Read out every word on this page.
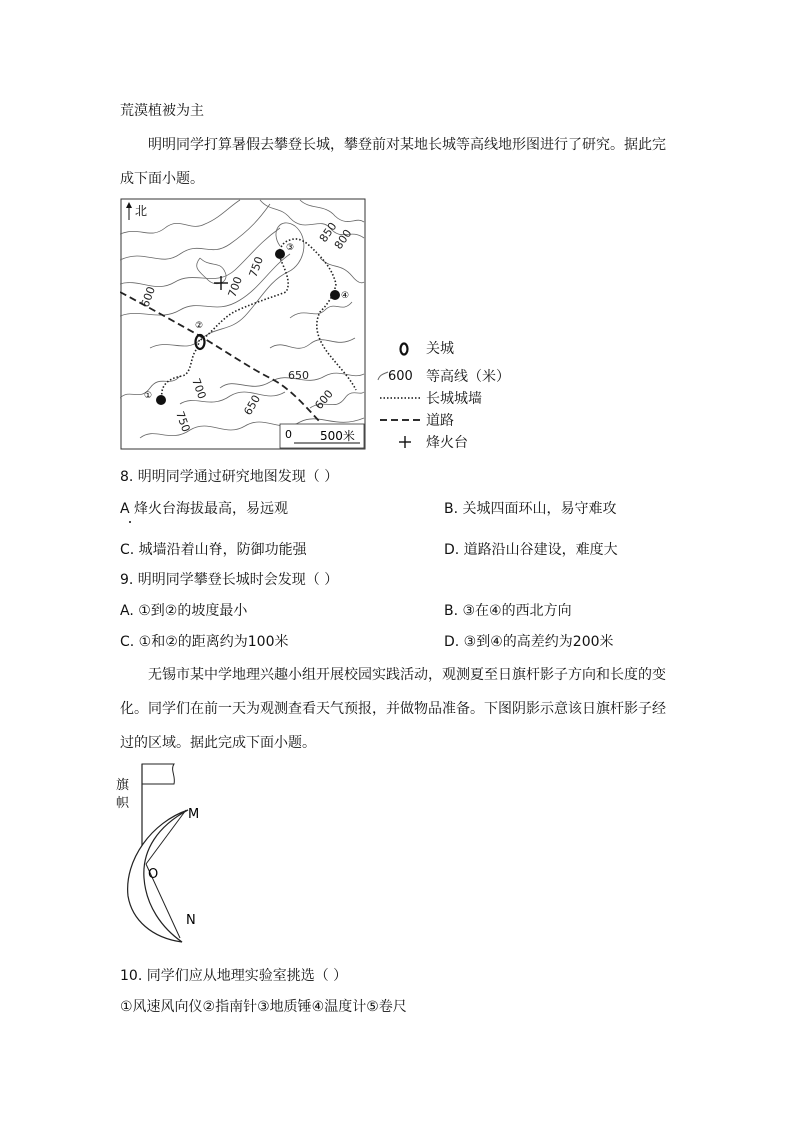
荒漠植被为主
明明同学打算暑假去攀登长城，攀登前对某地长城等高线地形图进行了研究。据此完成下面小题。
北
850
800
750
700
600
650
600
700
750
650
②
①
③
④
0 500米
关城
600 等高线（米）
长城城墙
道路
烽火台
8. 明明同学通过研究地图发现（ ）
A 烽火台海拔最高，易远观	B. 关城四面环山，易守难攻
C. 城墙沿着山脊，防御功能强	D. 道路沿山谷建设，难度大
9. 明明同学攀登长城时会发现（ ）
A. ①到②的坡度最小	B. ③在④的西北方向
C. ①和②的距离约为100米	D. ③到④的高差约为200米
无锡市某中学地理兴趣小组开展校园实践活动，观测夏至日旗杆影子方向和长度的变化。同学们在前一天为观测查看天气预报，并做物品准备。下图阴影示意该日旗杆影子经过的区域。据此完成下面小题。
M
O
N
旗
帜
10. 同学们应从地理实验室挑选（ ）
①风速风向仪②指南针③地质锤④温度计⑤卷尺
